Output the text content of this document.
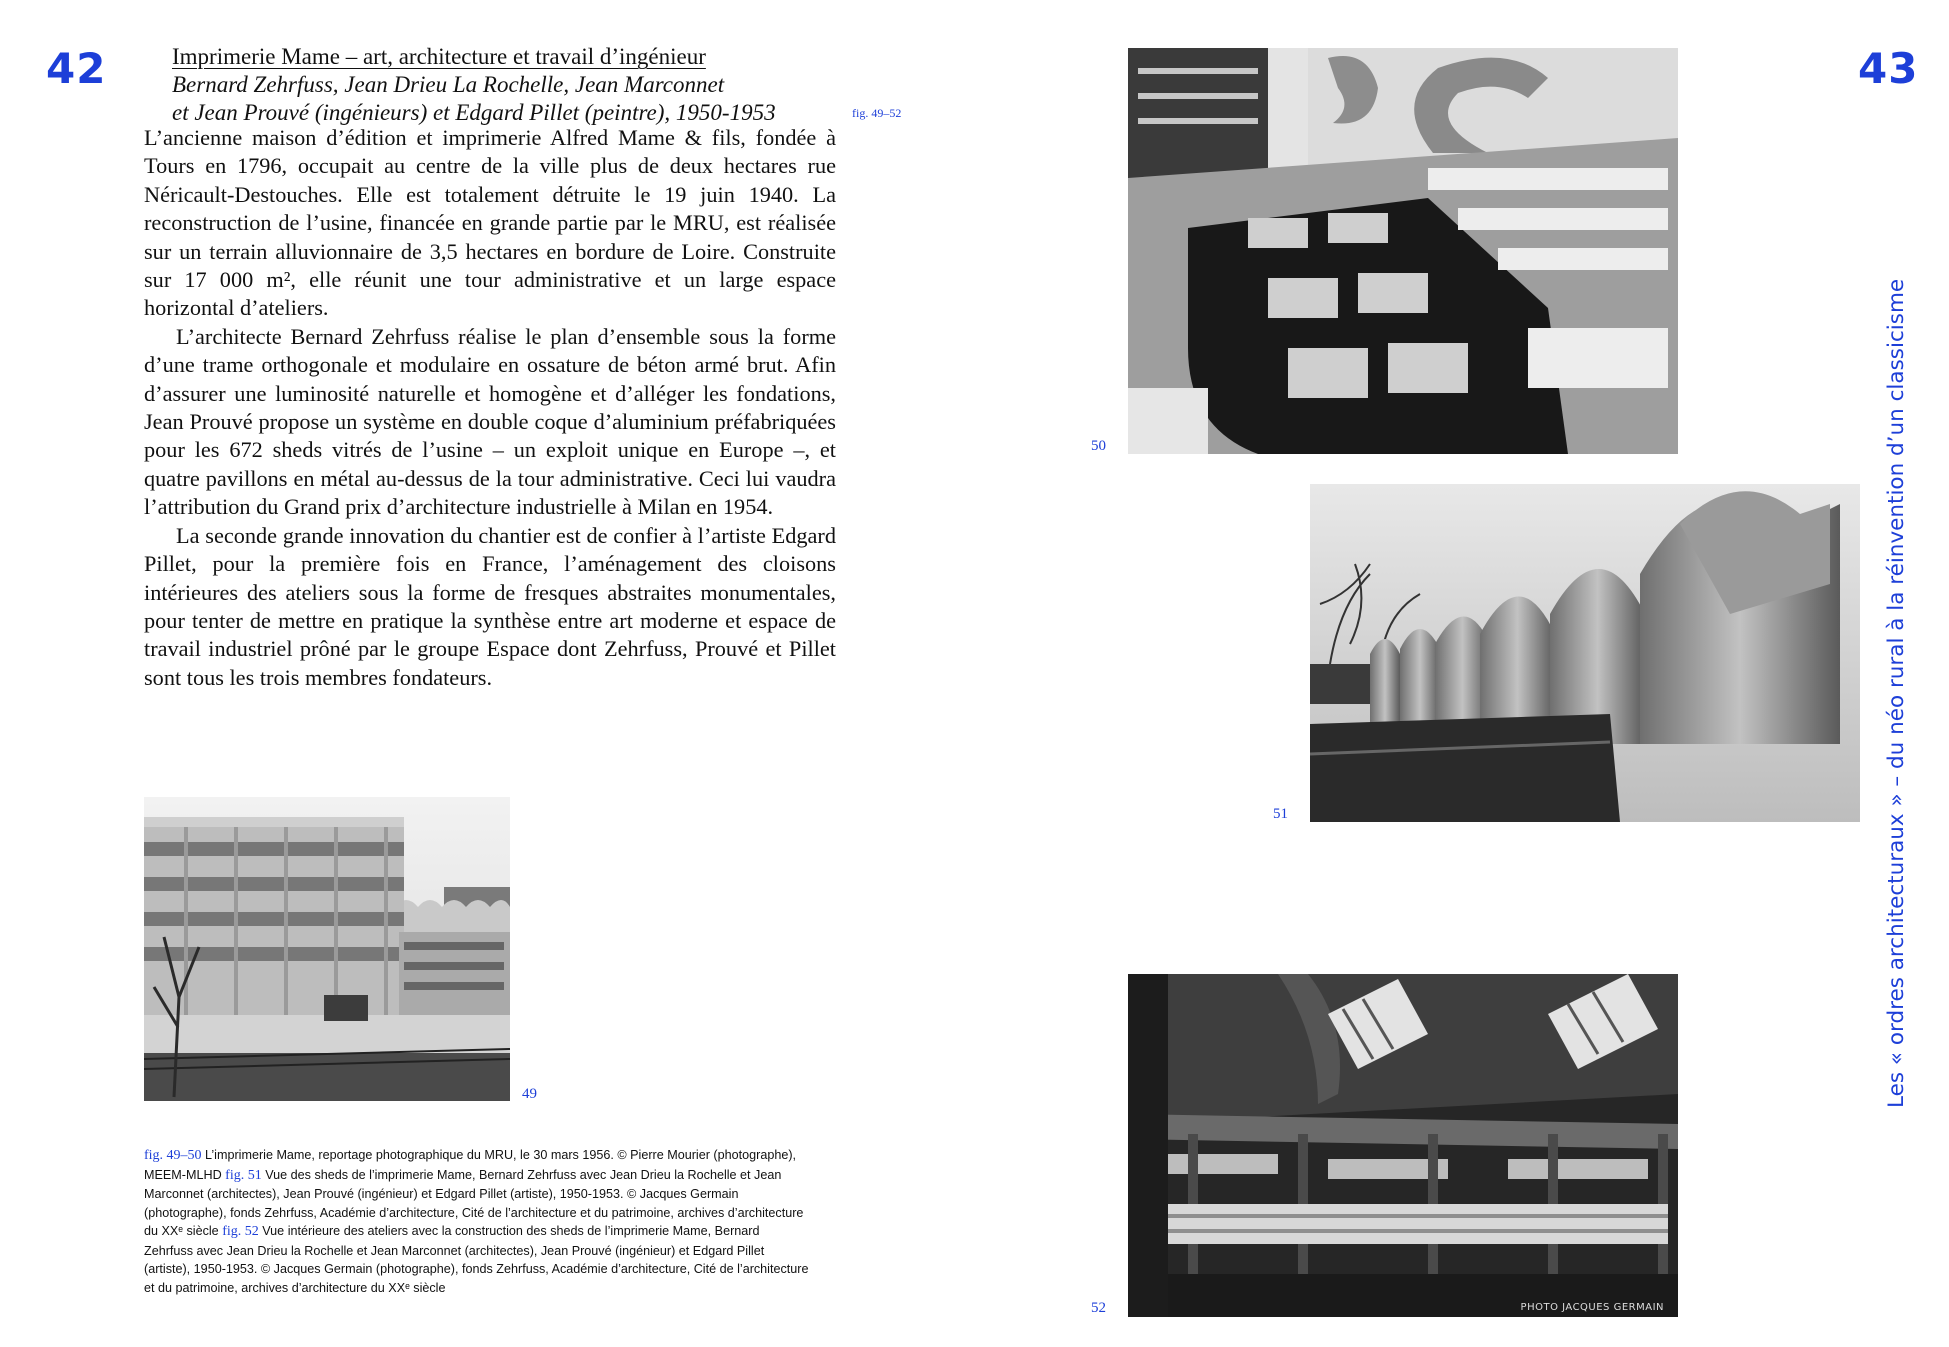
42	43
Imprimerie Mame – art, architecture et travail d’ingénieur
Bernard Zehrfuss, Jean Drieu La Rochelle, Jean Marconnet
et Jean Prouvé (ingénieurs) et Edgard Pillet (peintre), 1950-1953	fig. 49–52

L’ancienne maison d’édition et imprimerie Alfred Mame & fils, fondée à Tours en 1796, occupait au centre de la ville plus de deux hectares rue Néricault-Destouches. Elle est totalement détruite le 19 juin 1940. La reconstruction de l’usine, financée en grande partie par le MRU, est réalisée sur un terrain alluvionnaire de 3,5 hectares en bordure de Loire. Construite sur 17 000 m², elle réunit une tour administrative et un large espace horizontal d’ateliers.

L’architecte Bernard Zehrfuss réalise le plan d’ensemble sous la forme d’une trame orthogonale et modulaire en ossature de béton armé brut. Afin d’assurer une luminosité naturelle et homogène et d’alléger les fondations, Jean Prouvé propose un système en double coque d’aluminium préfabriquées pour les 672 sheds vitrés de l’usine – un exploit unique en Europe –, et quatre pavillons en métal au-dessus de la tour administrative. Ceci lui vaudra l’attribution du Grand prix d’architecture industrielle à Milan en 1954.

La seconde grande innovation du chantier est de confier à l’artiste Edgard Pillet, pour la première fois en France, l’aménagement des cloisons intérieures des ateliers sous la forme de fresques abstraites monumentales, pour tenter de mettre en pratique la synthèse entre art moderne et espace de travail industriel prôné par le groupe Espace dont Zehrfuss, Prouvé et Pillet sont tous les trois membres fondateurs.

49
50
51
PHOTO JACQUES GERMAIN
52
fig. 49–50 L’imprimerie Mame, reportage photographique du MRU, le 30 mars 1956. © Pierre Mourier (photographe), MEEM-MLHD fig. 51 Vue des sheds de l’imprimerie Mame, Bernard Zehrfuss avec Jean Drieu la Rochelle et Jean Marconnet (architectes), Jean Prouvé (ingénieur) et Edgard Pillet (artiste), 1950-1953. © Jacques Germain (photographe), fonds Zehrfuss, Académie d’architecture, Cité de l’architecture et du patrimoine, archives d’architecture du XXᵉ siècle fig. 52 Vue intérieure des ateliers avec la construction des sheds de l’imprimerie Mame, Bernard Zehrfuss avec Jean Drieu la Rochelle et Jean Marconnet (architectes), Jean Prouvé (ingénieur) et Edgard Pillet (artiste), 1950-1953. © Jacques Germain (photographe), fonds Zehrfuss, Académie d’architecture, Cité de l’architecture et du patrimoine, archives d’architecture du XXᵉ siècle
Les « ordres architecturaux » – du néo rural à la réinvention d’un classicisme
